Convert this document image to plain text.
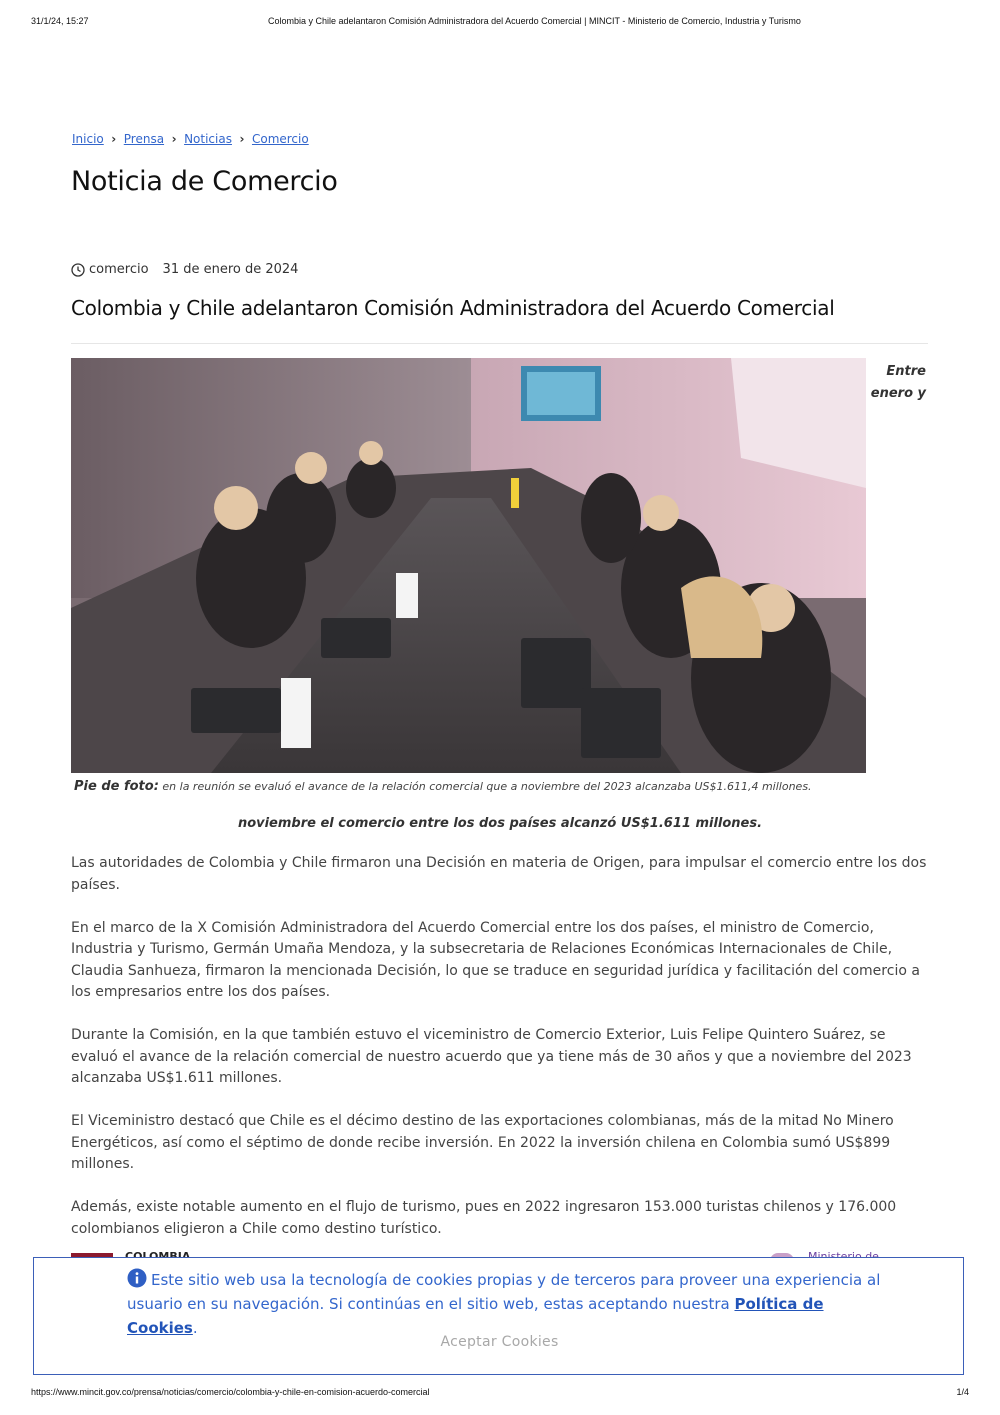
31/1/24, 15:27	Colombia y Chile adelantaron Comisión Administradora del Acuerdo Comercial | MINCIT - Ministerio de Comercio, Industria y Turismo
Inicio › Prensa › Noticias › Comercio
Noticia de Comercio
comercio 31 de enero de 2024
Colombia y Chile adelantaron Comisión Administradora del Acuerdo Comercial
Entre enero y
Pie de foto: en la reunión se evaluó el avance de la relación comercial que a noviembre del 2023 alcanzaba US$1.611,4 millones.
noviembre el comercio entre los dos países alcanzó US$1.611 millones.

Las autoridades de Colombia y Chile firmaron una Decisión en materia de Origen, para impulsar el comercio entre los dos países.

En el marco de la X Comisión Administradora del Acuerdo Comercial entre los dos países, el ministro de Comercio, Industria y Turismo, Germán Umaña Mendoza, y la subsecretaria de Relaciones Económicas Internacionales de Chile, Claudia Sanhueza, firmaron la mencionada Decisión, lo que se traduce en seguridad jurídica y facilitación del comercio a los empresarios entre los dos países.

Durante la Comisión, en la que también estuvo el viceministro de Comercio Exterior, Luis Felipe Quintero Suárez, se evaluó el avance de la relación comercial de nuestro acuerdo que ya tiene más de 30 años y que a noviembre del 2023 alcanzaba US$1.611 millones.

El Viceministro destacó que Chile es el décimo destino de las exportaciones colombianas, más de la mitad No Minero Energéticos, así como el séptimo de donde recibe inversión. En 2022 la inversión chilena en Colombia sumó US$899 millones.

Además, existe notable aumento en el flujo de turismo, pues en 2022 ingresaron 153.000 turistas chilenos y 176.000 colombianos eligieron a Chile como destino turístico.

Este sitio web usa la tecnología de cookies propias y de terceros para proveer una experiencia al usuario en su navegación. Si continúas en el sitio web, estas aceptando nuestra Política de Cookies.
Aceptar Cookies
https://www.mincit.gov.co/prensa/noticias/comercio/colombia-y-chile-en-comision-acuerdo-comercial	1/4
